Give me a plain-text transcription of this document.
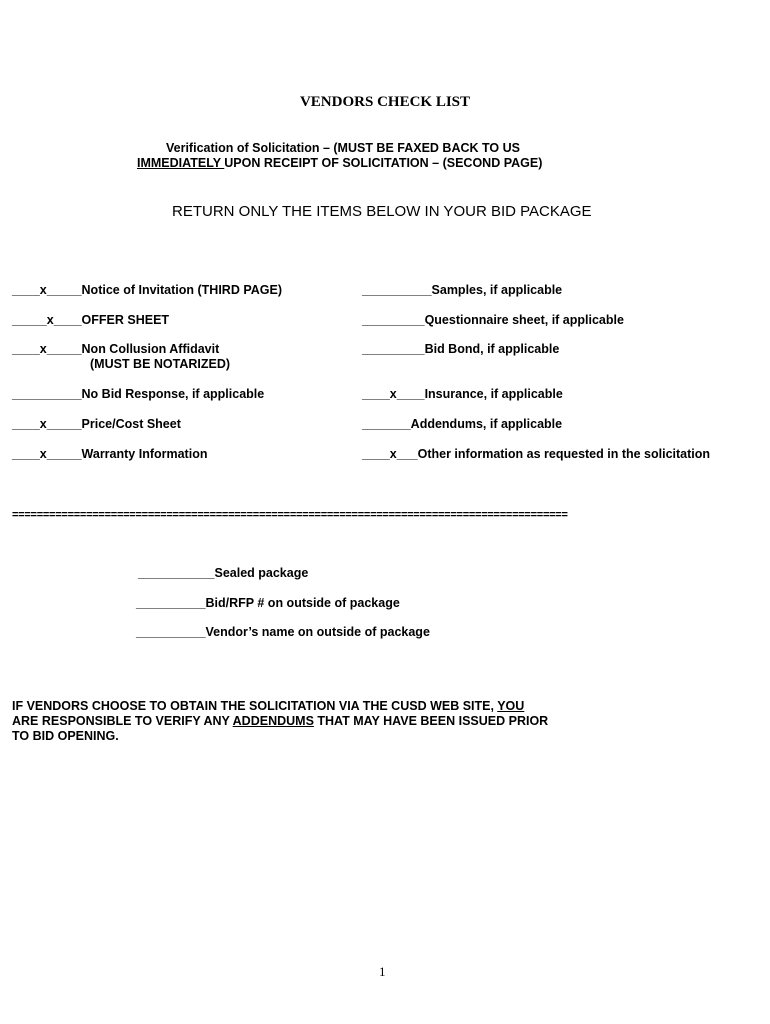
VENDORS CHECK LIST
Verification of Solicitation – (MUST BE FAXED BACK TO US
IMMEDIATELY UPON RECEIPT OF SOLICITATION – (SECOND PAGE)
RETURN ONLY THE ITEMS BELOW IN YOUR BID PACKAGE
____x_____Notice of Invitation (THIRD PAGE)
_____x____OFFER SHEET
____x_____Non Collusion Affidavit
(MUST BE NOTARIZED)
__________No Bid Response, if applicable
____x_____Price/Cost Sheet
____x_____Warranty Information
__________Samples, if applicable
_________Questionnaire sheet, if applicable
_________Bid Bond, if applicable
____x____Insurance, if applicable
_______Addendums, if applicable
____x___Other information as requested in the solicitation
==========================================================================================
___________Sealed package
__________Bid/RFP # on outside of package
__________Vendor’s name on outside of package
IF VENDORS CHOOSE TO OBTAIN THE SOLICITATION VIA THE CUSD WEB SITE, YOU
ARE RESPONSIBLE TO VERIFY ANY ADDENDUMS THAT MAY HAVE BEEN ISSUED PRIOR
TO BID OPENING.
1
